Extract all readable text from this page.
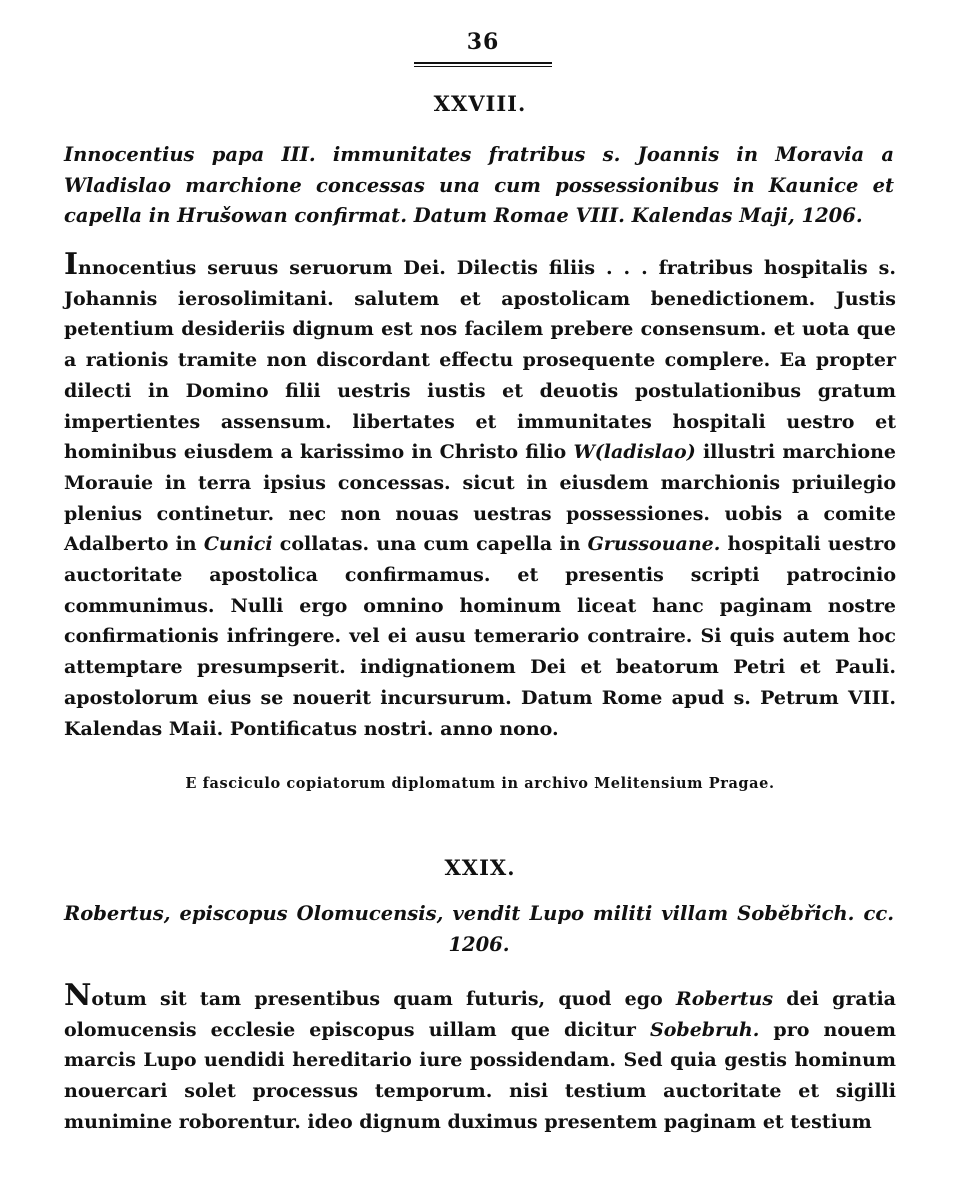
36
XXVIII.
Innocentius papa III. immunitates fratribus s. Joannis in Moravia a Wladislao marchione concessas una cum possessionibus in Kaunice et capella in Hrušowan confirmat. Datum Romae VIII. Kalendas Maji, 1206.
Innocentius seruus seruorum Dei. Dilectis filiis . . . fratribus hospitalis s. Johannis ierosolimitani. salutem et apostolicam benedictionem. Justis petentium desideriis dignum est nos facilem prebere consensum. et uota que a rationis tramite non discordant effectu prosequente complere. Ea propter dilecti in Domino filii uestris iustis et deuotis postulationibus gratum impertientes assensum. libertates et immunitates hospitali uestro et hominibus eiusdem a karissimo in Christo filio W(ladislao) illustri marchione Morauie in terra ipsius concessas. sicut in eiusdem marchionis priuilegio plenius continetur. nec non nouas uestras possessiones. uobis a comite Adalberto in Cunici collatas. una cum capella in Grussouane. hospitali uestro auctoritate apostolica confirmamus. et presentis scripti patrocinio communimus. Nulli ergo omnino hominum liceat hanc paginam nostre confirmationis infringere. vel ei ausu temerario contraire. Si quis autem hoc attemptare presumpserit. indignationem Dei et beatorum Petri et Pauli. apostolorum eius se nouerit incursurum. Datum Rome apud s. Petrum VIII. Kalendas Maii. Pontificatus nostri. anno nono.
E fasciculo copiatorum diplomatum in archivo Melitensium Pragae.
XXIX.
Robertus, episcopus Olomucensis, vendit Lupo militi villam Sobĕbřich. cc. 1206.
Notum sit tam presentibus quam futuris, quod ego Robertus dei gratia olomucensis ecclesie episcopus uillam que dicitur Sobebruh. pro nouem marcis Lupo uendidi hereditario iure possidendam. Sed quia gestis hominum nouercari solet processus temporum. nisi testium auctoritate et sigilli munimine roborentur. ideo dignum duximus presentem paginam et testium
